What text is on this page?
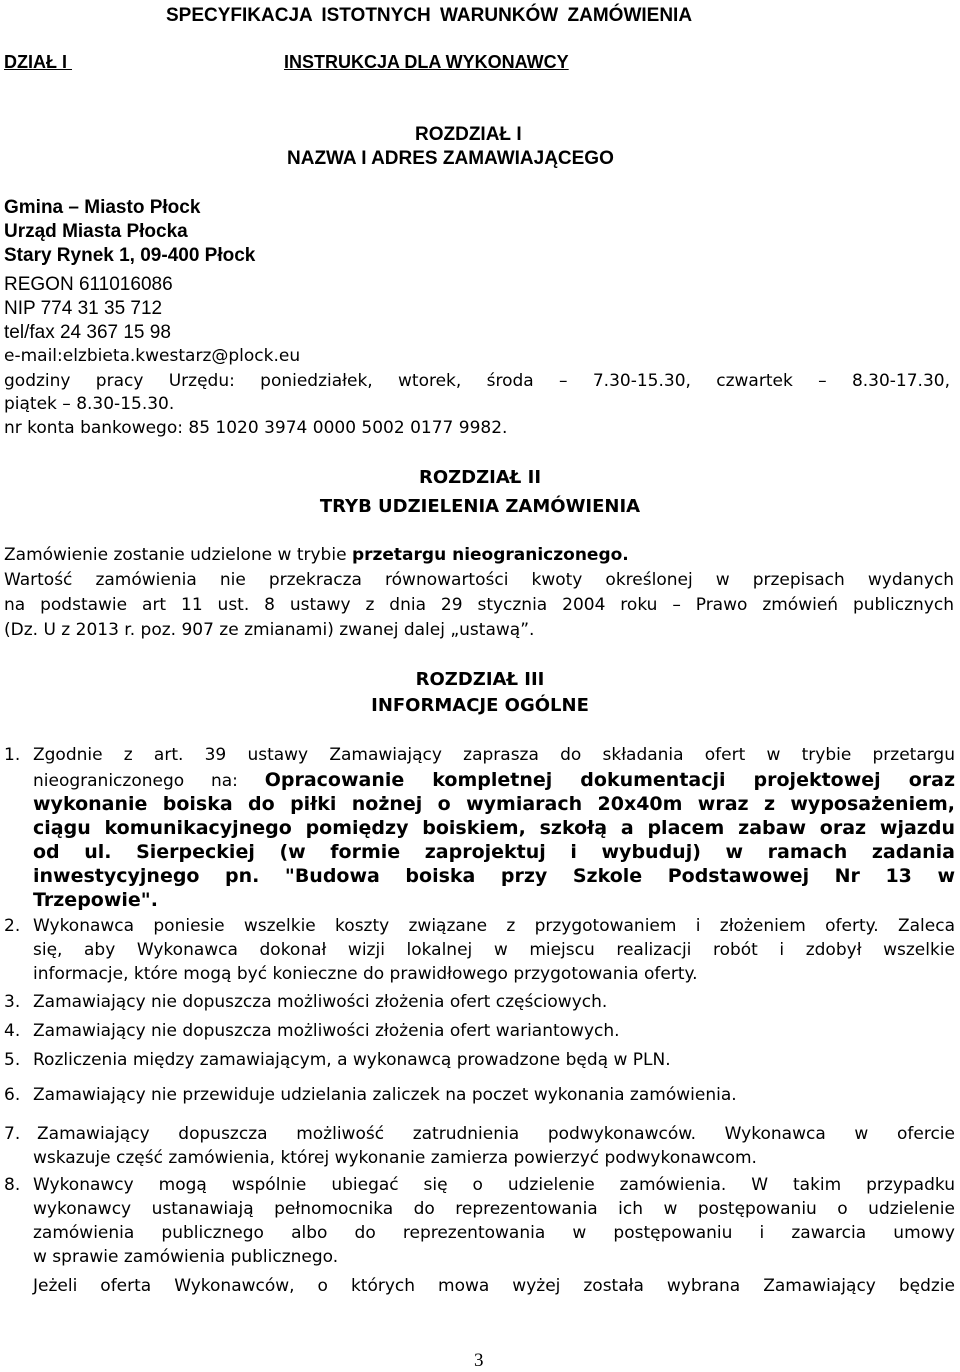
SPECYFIKACJA ISTOTNYCH WARUNKÓW ZAMÓWIENIA
DZIAŁ I	INSTRUKCJA DLA WYKONAWCY
ROZDZIAŁ I
NAZWA I ADRES ZAMAWIAJĄCEGO
Gmina – Miasto Płock
Urząd Miasta Płocka
Stary Rynek 1, 09-400 Płock
REGON 611016086
NIP 774 31 35 712
tel/fax 24 367 15 98
e-mail:elzbieta.kwestarz@plock.eu
godziny pracy Urzędu: poniedziałek, wtorek, środa – 7.30-15.30, czwartek – 8.30-17.30,
piątek – 8.30-15.30.
nr konta bankowego: 85 1020 3974 0000 5002 0177 9982.
ROZDZIAŁ II
TRYB UDZIELENIA ZAMÓWIENIA
Zamówienie zostanie udzielone w trybie przetargu nieograniczonego.
Wartość zamówienia nie przekracza równowartości kwoty określonej w przepisach wydanych
na podstawie art 11 ust. 8 ustawy z dnia 29 stycznia 2004 roku – Prawo zmówień publicznych
(Dz. U z 2013 r. poz. 907 ze zmianami) zwanej dalej „ustawą”.
ROZDZIAŁ III
INFORMACJE OGÓLNE
1. Zgodnie z art. 39 ustawy Zamawiający zaprasza do składania ofert w trybie przetargu
nieograniczonego na: Opracowanie kompletnej dokumentacji projektowej oraz
wykonanie boiska do piłki nożnej o wymiarach 20x40m wraz z wyposażeniem,
ciągu komunikacyjnego pomiędzy boiskiem, szkołą a placem zabaw oraz wjazdu
od ul. Sierpeckiej (w formie zaprojektuj i wybuduj) w ramach zadania
inwestycyjnego pn. "Budowa boiska przy Szkole Podstawowej Nr 13 w
Trzepowie".
2. Wykonawca poniesie wszelkie koszty związane z przygotowaniem i złożeniem oferty. Zaleca
się, aby Wykonawca dokonał wizji lokalnej w miejscu realizacji robót i zdobył wszelkie
informacje, które mogą być konieczne do prawidłowego przygotowania oferty.
3. Zamawiający nie dopuszcza możliwości złożenia ofert częściowych.
4. Zamawiający nie dopuszcza możliwości złożenia ofert wariantowych.
5. Rozliczenia między zamawiającym, a wykonawcą prowadzone będą w PLN.
6. Zamawiający nie przewiduje udzielania zaliczek na poczet wykonania zamówienia.
7. Zamawiający dopuszcza możliwość zatrudnienia podwykonawców. Wykonawca w ofercie
wskazuje część zamówienia, której wykonanie zamierza powierzyć podwykonawcom.
8. Wykonawcy mogą wspólnie ubiegać się o udzielenie zamówienia. W takim przypadku
wykonawcy ustanawiają pełnomocnika do reprezentowania ich w postępowaniu o udzielenie
zamówienia publicznego albo do reprezentowania w postępowaniu i zawarcia umowy
w sprawie zamówienia publicznego.
Jeżeli oferta Wykonawców, o których mowa wyżej została wybrana Zamawiający będzie
3
